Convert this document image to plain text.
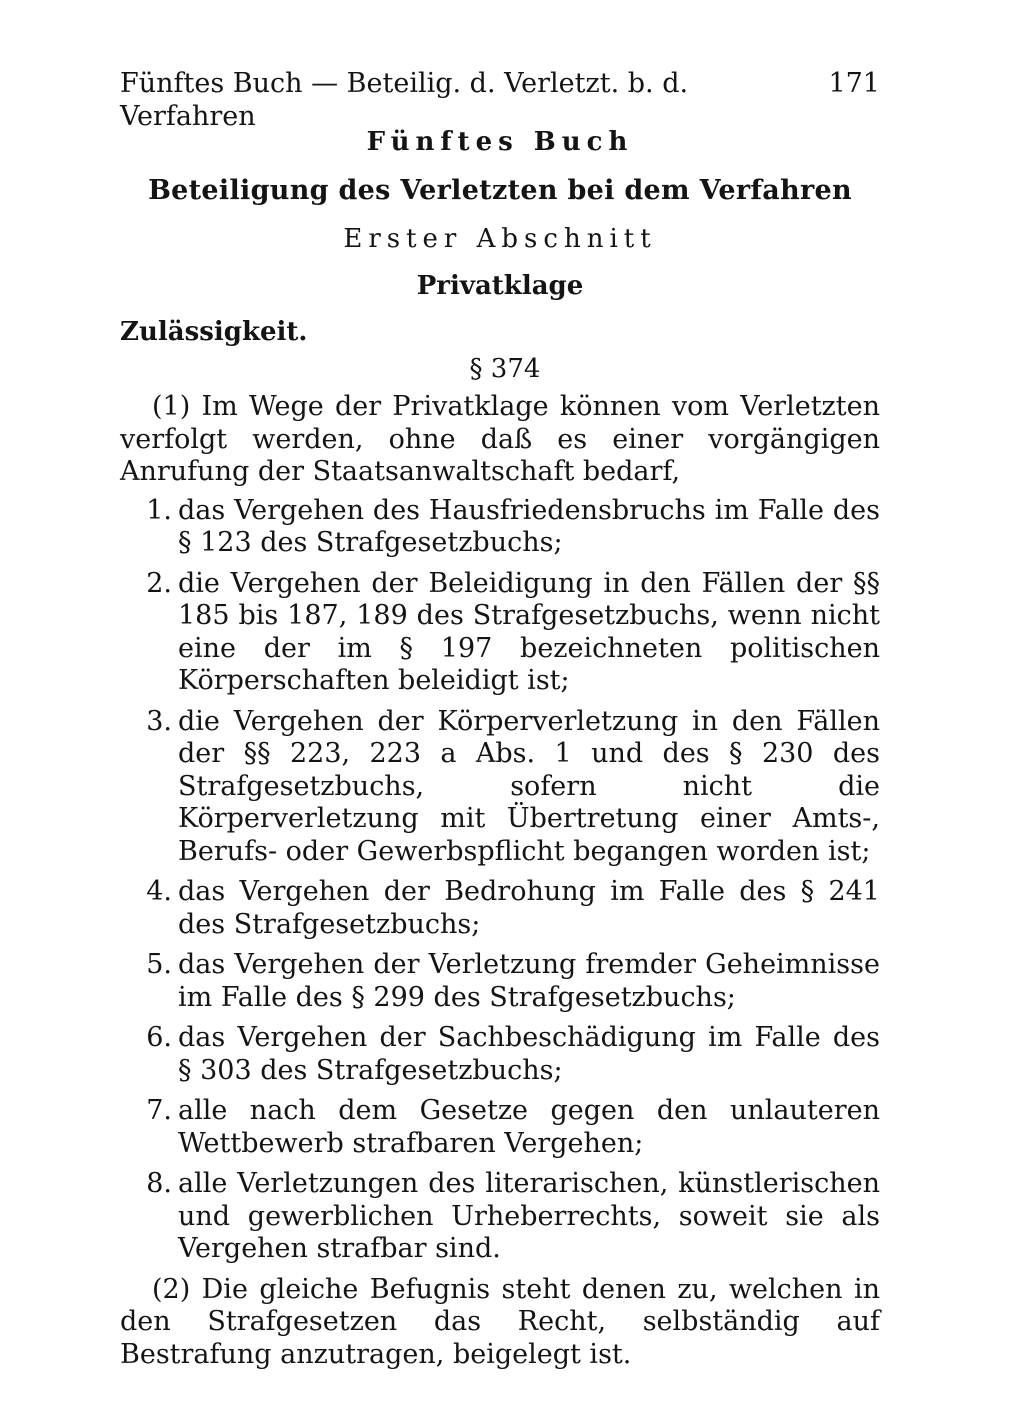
Fünftes Buch — Beteilig. d. Verletzt. b. d. Verfahren
171
Fünftes Buch
Beteiligung des Verletzten bei dem Verfahren
Erster Abschnitt
Privatklage
Zulässigkeit.
§ 374

(1) Im Wege der Privatklage können vom Verletzten verfolgt werden, ohne daß es einer vorgängigen Anrufung der Staatsanwaltschaft bedarf,

1. das Vergehen des Hausfriedensbruchs im Falle des § 123 des Strafgesetzbuchs;
2. die Vergehen der Beleidigung in den Fällen der §§ 185 bis 187, 189 des Strafgesetzbuchs, wenn nicht eine der im § 197 bezeichneten politischen Körperschaften beleidigt ist;
3. die Vergehen der Körperverletzung in den Fällen der §§ 223, 223 a Abs. 1 und des § 230 des Strafgesetzbuchs, sofern nicht die Körperverletzung mit Übertretung einer Amts-, Berufs- oder Gewerbspflicht begangen worden ist;
4. das Vergehen der Bedrohung im Falle des § 241 des Strafgesetzbuchs;
5. das Vergehen der Verletzung fremder Geheimnisse im Falle des § 299 des Strafgesetzbuchs;
6. das Vergehen der Sachbeschädigung im Falle des § 303 des Strafgesetzbuchs;
7. alle nach dem Gesetze gegen den unlauteren Wettbewerb strafbaren Vergehen;
8. alle Verletzungen des literarischen, künstlerischen und gewerblichen Urheberrechts, soweit sie als Vergehen strafbar sind.

(2) Die gleiche Befugnis steht denen zu, welchen in den Strafgesetzen das Recht, selbständig auf Bestrafung anzutragen, beigelegt ist.
